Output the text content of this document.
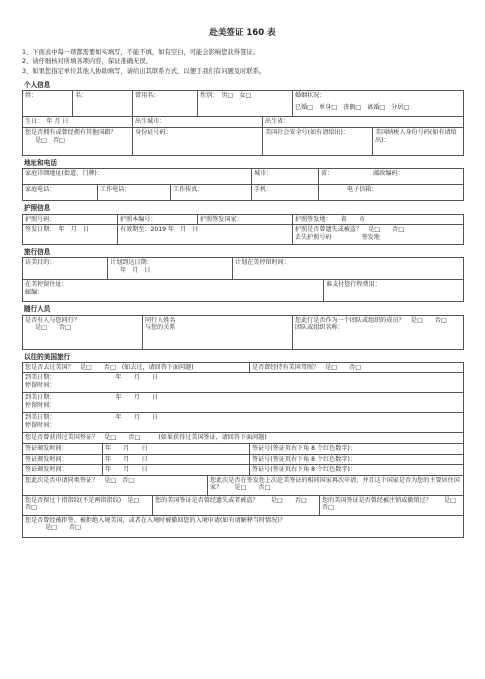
赴美签证 160 表

1、下面表中每一项都需要如实填写，不能不填，如有空白，可能会影响您获得签证。

2、请仔细核对所填各项内容，保证准确无误。

3、如果您指定单位其他人协助填写，请给出其联系方式，以便于我们有问题及时联系。

个人信息
姓：	名：	曾用名：	性别：　男□　女□		婚姻状况：
已婚□　单身□　丧偶□　离婚□　分居□	

生日：　年 月 日		出生城市：		出生省：		

您是否拥有或曾经拥有其他国籍？
是□　否□		身份证号码：		美国社会安全号(如有请给出)：		美国纳税人身份号码(如有请给出)：
地址和电话
家庭详细地址(街道、门牌)：			城市：	省： 邮政编码：
家庭电话：	工作电话：	工作传真：	手机：	电子信箱：
护照信息
护照号码：	护照本编号：	护照签发国家：	护照签发地：　　省　　市
签发日期：　年　月　日	有效期至：2019 年　月　日		护照是否曾遗失或被盗？　是□　　否□
丢失护照号码 签发地
旅行信息
访美目的：	计划到达日期：
年　月　日	计划在美停留时间：	

在美停留住址：
邮编：			谁支付您行程费用：
随行人员
是否有人与您同行？
是□　　否□

同行人姓名
与您的关系

您此行是否作为一个团队或组织的成员？　是□　　否□
团队或组织名称：
以往的美国旅行
您是否去过美国？　是□　　否□　(如去过，请回答下面问题)				是否曾经持有美国驾照？　是□　　否□	

到美日期： 年　　月　　日
停留时间：					

到美日期： 年　　月　　日
停留时间：					

到美日期： 年　　月　　日
停留时间：					

您是否曾获得过美国签证？　是□　　否□　　　(如果获得过美国签证，请回答下面问题)					
签证颁发时间：	年　　月　　日			签证号(签证页右下角 8 个红色数字)：	
签证颁发时间：	年　　月　　日			签证号(签证页右下角 8 个红色数字)：	
签证颁发时间：	年　　月　　日			签证号(签证页右下角 8 个红色数字)：	
您此次是否申请同类签证？　是□　否□			您此次是否在签发您上次赴美签证的相同国家再次申请，并且这个国家是否为您的主要居住国家？　　是□　　否□		
您是否留过十指指纹(不是两指指纹)　是□　　否□		您的美国签证是否曾经遗失或者被盗？　　是□　　否□			您的美国签证是否曾经被注销或撤销过？　　是□　　否□

您是否曾经被拒签、被拒绝入境美国，或者在入境时被撤回您的入境申请(如有请解释当时情况)？
是□　　否□					
